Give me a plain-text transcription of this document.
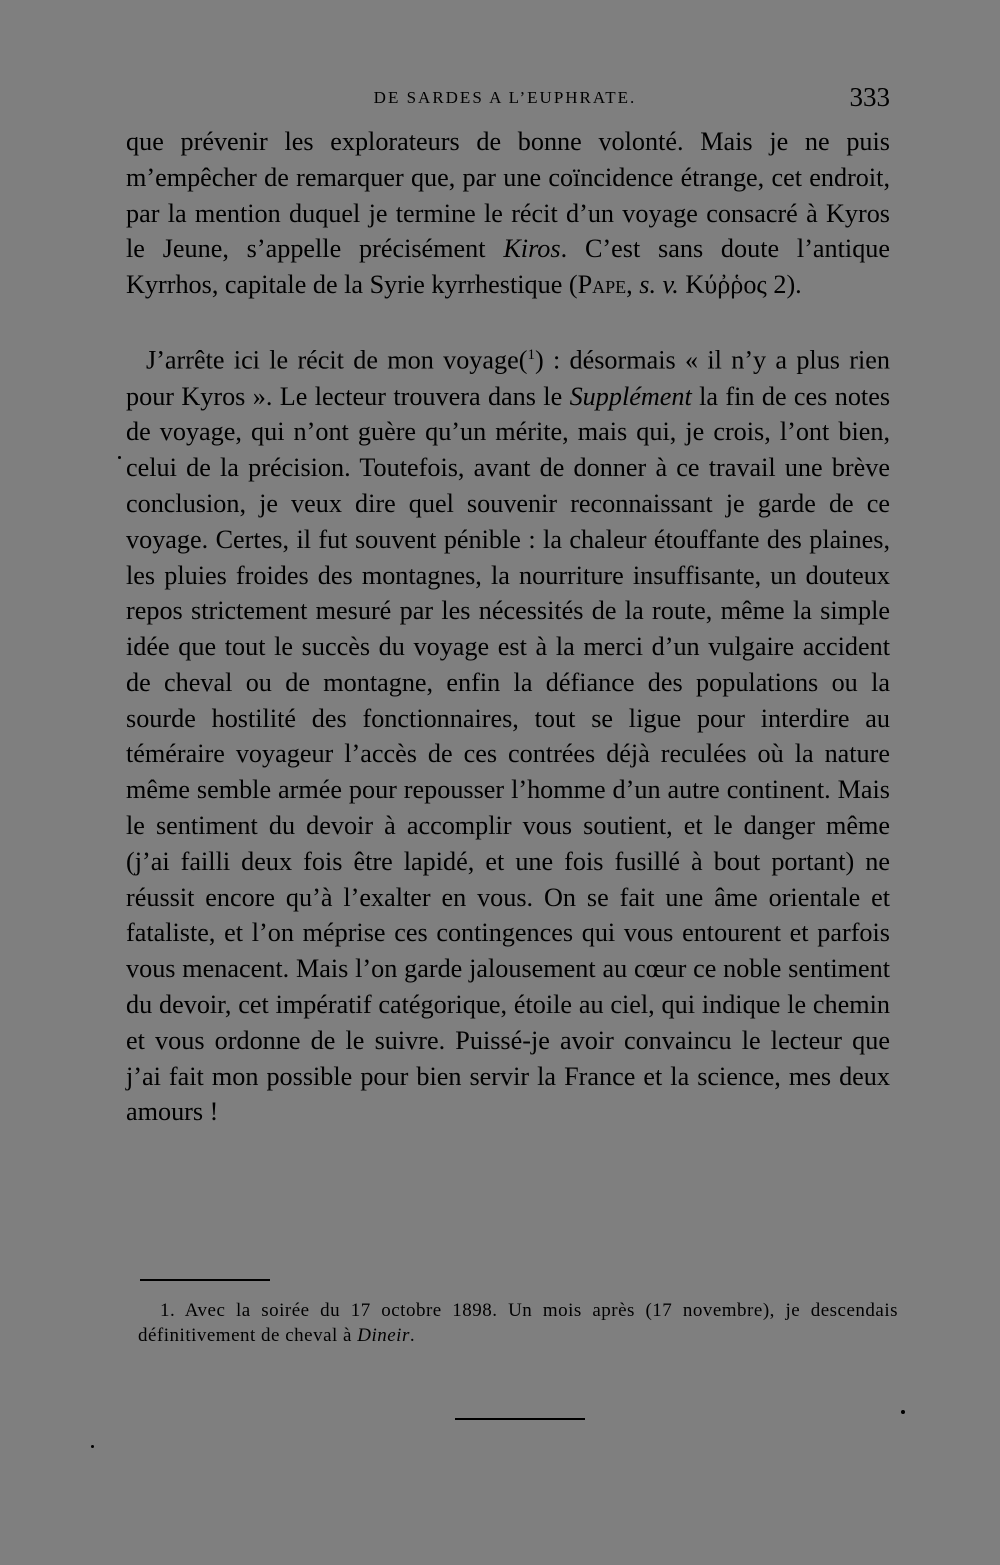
DE SARDES A L’EUPHRATE.	333

que prévenir les explorateurs de bonne volonté. Mais je ne puis m’empêcher de remarquer que, par une coïncidence étrange, cet endroit, par la mention duquel je termine le récit d’un voyage consacré à Kyros le Jeune, s’appelle précisément Kiros. C’est sans doute l’antique Kyrrhos, capitale de la Syrie kyrrhestique (Pape, s. v. Κύῤῥος 2).

J’arrête ici le récit de mon voyage($^1$) : désormais « il n’y a plus rien pour Kyros ». Le lecteur trouvera dans le Supplément la fin de ces notes de voyage, qui n’ont guère qu’un mérite, mais qui, je crois, l’ont bien, celui de la précision. Toutefois, avant de donner à ce travail une brève conclusion, je veux dire quel souvenir reconnaissant je garde de ce voyage. Certes, il fut souvent pénible : la chaleur étouffante des plaines, les pluies froides des montagnes, la nourriture insuffisante, un douteux repos strictement mesuré par les nécessités de la route, même la simple idée que tout le succès du voyage est à la merci d’un vulgaire accident de cheval ou de montagne, enfin la défiance des populations ou la sourde hostilité des fonctionnaires, tout se ligue pour interdire au téméraire voyageur l’accès de ces contrées déjà reculées où la nature même semble armée pour repousser l’homme d’un autre continent. Mais le sentiment du devoir à accomplir vous soutient, et le danger même (j’ai failli deux fois être lapidé, et une fois fusillé à bout portant) ne réussit encore qu’à l’exalter en vous. On se fait une âme orientale et fataliste, et l’on méprise ces contingences qui vous entourent et parfois vous menacent. Mais l’on garde jalousement au cœur ce noble sentiment du devoir, cet impératif catégorique, étoile au ciel, qui indique le chemin et vous ordonne de le suivre. Puissé-je avoir convaincu le lecteur que j’ai fait mon possible pour bien servir la France et la science, mes deux amours !

1. Avec la soirée du 17 octobre 1898. Un mois après (17 novembre), je descendais définitivement de cheval à Dineir.
